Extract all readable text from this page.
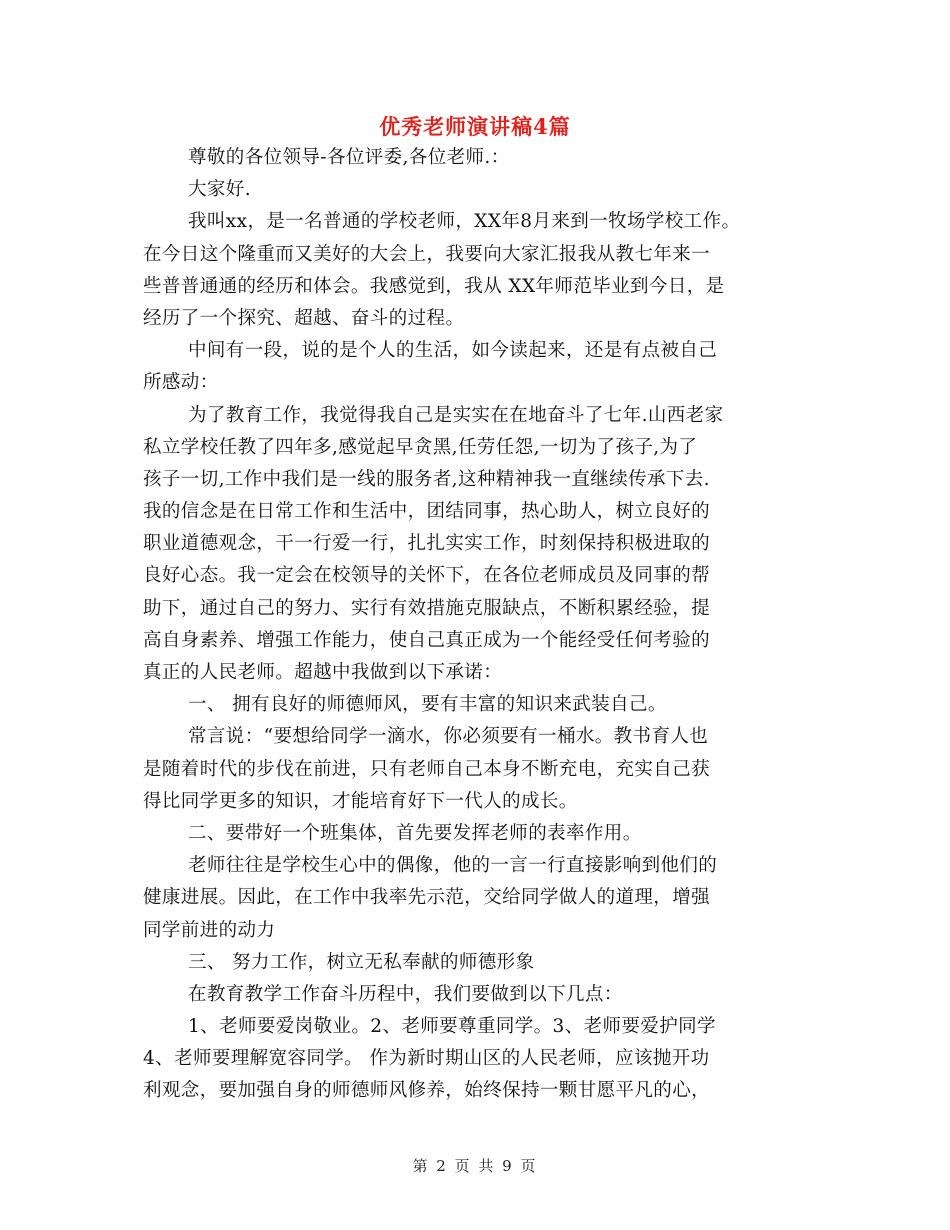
优秀老师演讲稿4篇
尊敬的各位领导-各位评委,各位老师.：
大家好.
我叫xx，是一名普通的学校老师，XX年8月来到一牧场学校工作。
在今日这个隆重而又美好的大会上，我要向大家汇报我从教七年来一
些普普通通的经历和体会。我感觉到，我从 XX年师范毕业到今日，是
经历了一个探究、超越、奋斗的过程。
中间有一段，说的是个人的生活，如今读起来，还是有点被自己
所感动：
为了教育工作，我觉得我自己是实实在在地奋斗了七年.山西老家
私立学校任教了四年多,感觉起早贪黑,任劳任怨,一切为了孩子,为了
孩子一切,工作中我们是一线的服务者,这种精神我一直继续传承下去.
我的信念是在日常工作和生活中，团结同事，热心助人，树立良好的
职业道德观念，干一行爱一行，扎扎实实工作，时刻保持积极进取的
良好心态。我一定会在校领导的关怀下，在各位老师成员及同事的帮
助下，通过自己的努力、实行有效措施克服缺点，不断积累经验，提
高自身素养、增强工作能力，使自己真正成为一个能经受任何考验的
真正的人民老师。超越中我做到以下承诺：
一、 拥有良好的师德师风，要有丰富的知识来武装自己。
常言说：“要想给同学一滴水，你必须要有一桶水。教书育人也
是随着时代的步伐在前进，只有老师自己本身不断充电，充实自己获
得比同学更多的知识，才能培育好下一代人的成长。
二、要带好一个班集体，首先要发挥老师的表率作用。
老师往往是学校生心中的偶像，他的一言一行直接影响到他们的
健康进展。因此，在工作中我率先示范，交给同学做人的道理，增强
同学前进的动力
三、 努力工作，树立无私奉献的师德形象
在教育教学工作奋斗历程中，我们要做到以下几点：
1、老师要爱岗敬业。2、老师要尊重同学。3、老师要爱护同学
4、老师要理解宽容同学。 作为新时期山区的人民老师，应该抛开功
利观念，要加强自身的师德师风修养，始终保持一颗甘愿平凡的心，
第 2 页 共 9 页
